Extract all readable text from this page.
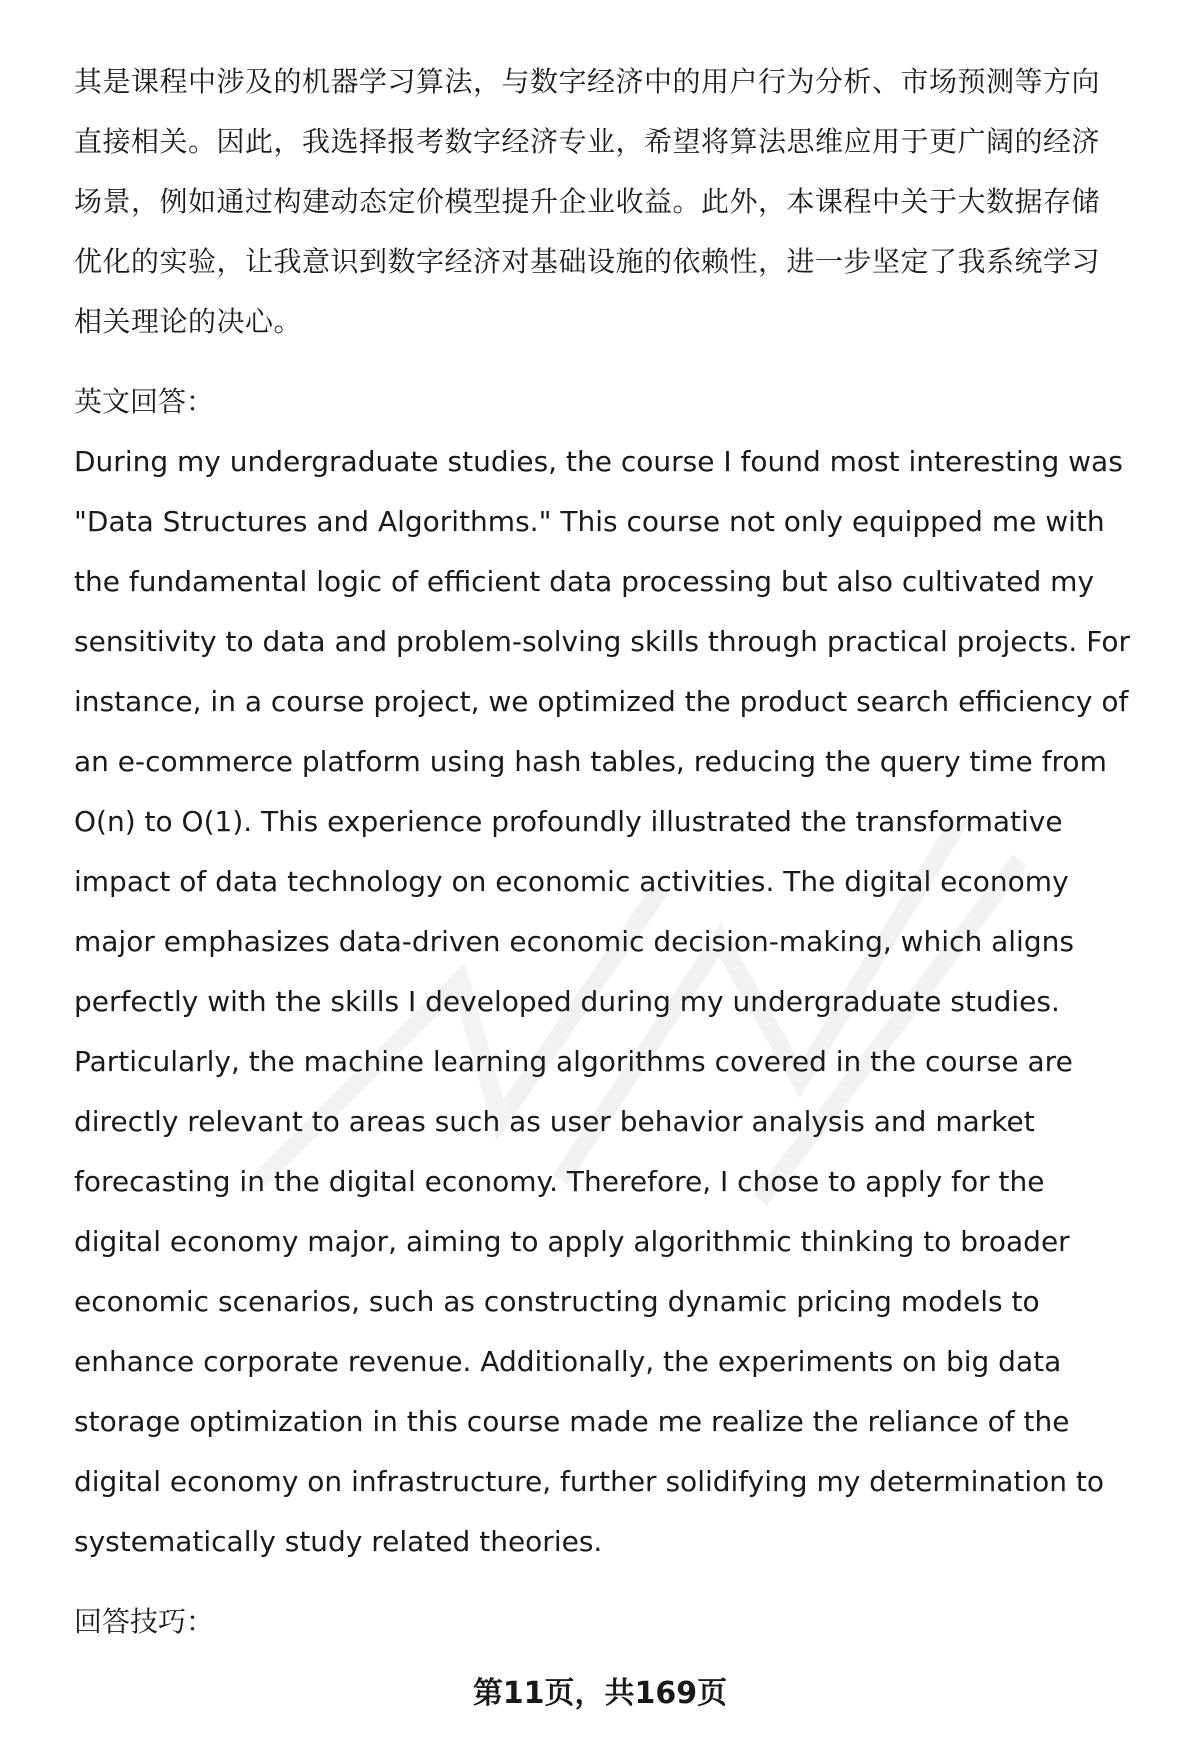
其是课程中涉及的机器学习算法，与数字经济中的用户行为分析、市场预测等方向

直接相关。因此，我选择报考数字经济专业，希望将算法思维应用于更广阔的经济

场景，例如通过构建动态定价模型提升企业收益。此外，本课程中关于大数据存储

优化的实验，让我意识到数字经济对基础设施的依赖性，进一步坚定了我系统学习

相关理论的决心。

英文回答：

During my undergraduate studies, the course I found most interesting was

"Data Structures and Algorithms." This course not only equipped me with

the fundamental logic of efficient data processing but also cultivated my

sensitivity to data and problem-solving skills through practical projects. For

instance, in a course project, we optimized the product search efficiency of

an e-commerce platform using hash tables, reducing the query time from

O(n) to O(1). This experience profoundly illustrated the transformative

impact of data technology on economic activities. The digital economy

major emphasizes data-driven economic decision-making, which aligns

perfectly with the skills I developed during my undergraduate studies.

Particularly, the machine learning algorithms covered in the course are

directly relevant to areas such as user behavior analysis and market

forecasting in the digital economy. Therefore, I chose to apply for the

digital economy major, aiming to apply algorithmic thinking to broader

economic scenarios, such as constructing dynamic pricing models to

enhance corporate revenue. Additionally, the experiments on big data

storage optimization in this course made me realize the reliance of the

digital economy on infrastructure, further solidifying my determination to

systematically study related theories.

回答技巧：
第11页，共169页
